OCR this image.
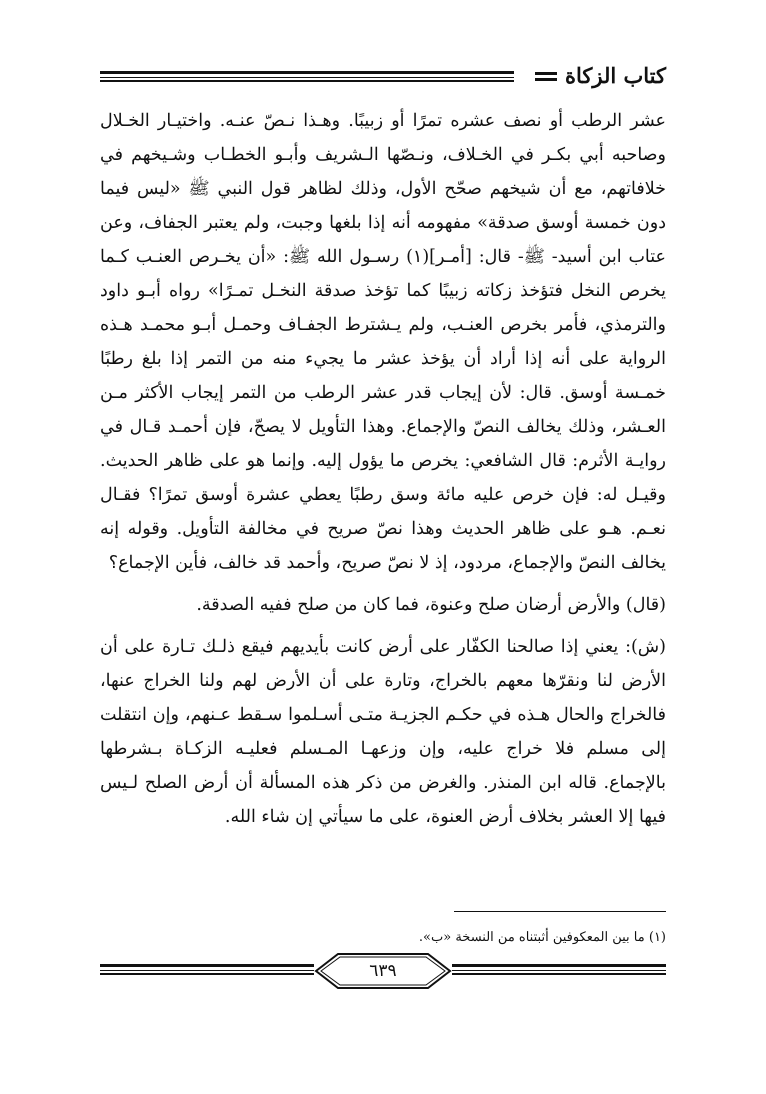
كتاب الزكاة

عشر الرطب أو نصف عشره تمرًا أو زبيبًا. وهـذا نـصّ عنـه. واختيـار الخـلال وصاحبه أبي بكـر في الخـلاف، ونـصّها الـشريف وأبـو الخطـاب وشـيخهم في خلافاتهم، مع أن شيخهم صحّح الأول، وذلك لظاهر قول النبي ﷺ «ليس فيما دون خمسة أوسق صدقة» مفهومه أنه إذا بلغها وجبت، ولم يعتبر الجفاف، وعن عتاب ابن أسيد- ﷺ- قال: [أمـر](١) رسـول الله ﷺ: «أن يخـرص العنـب كـما يخرص النخل فتؤخذ زكاته زبيبًا كما تؤخذ صدقة النخـل تمـرًا» رواه أبـو داود والترمذي، فأمر بخرص العنـب، ولم يـشترط الجفـاف وحمـل أبـو محمـد هـذه الرواية على أنه إذا أراد أن يؤخذ عشر ما يجيء منه من التمر إذا بلغ رطبًا خمـسة أوسق. قال: لأن إيجاب قدر عشر الرطب من التمر إيجاب الأكثر مـن العـشر، وذلك يخالف النصّ والإجماع. وهذا التأويل لا يصحّ، فإن أحمـد قـال في روايـة الأثرم: قال الشافعي: يخرص ما يؤول إليه. وإنما هو على ظاهر الحديث. وقيـل له: فإن خرص عليه مائة وسق رطبًا يعطي عشرة أوسق تمرًا؟ فقـال نعـم. هـو على ظاهر الحديث وهذا نصّ صريح في مخالفة التأويل. وقوله إنه يخالف النصّ والإجماع، مردود، إذ لا نصّ صريح، وأحمد قد خالف، فأين الإجماع؟

(قال) والأرض أرضان صلح وعنوة، فما كان من صلح ففيه الصدقة.

(ش): يعني إذا صالحنا الكفّار على أرض كانت بأيديهم فيقع ذلـك تـارة على أن الأرض لنا ونقرّها معهم بالخراج، وتارة على أن الأرض لهم ولنا الخراج عنها، فالخراج والحال هـذه في حكـم الجزيـة متـى أسـلموا سـقط عـنهم، وإن انتقلت إلى مسلم فلا خراج عليه، وإن وزعهـا المـسلم فعليـه الزكـاة بـشرطها بالإجماع. قاله ابن المنذر. والغرض من ذكر هذه المسألة أن أرض الصلح لـيس فيها إلا العشر بخلاف أرض العنوة، على ما سيأتي إن شاء الله.

(١) ما بين المعكوفين أثبتناه من النسخة «ب».
٦٣٩
